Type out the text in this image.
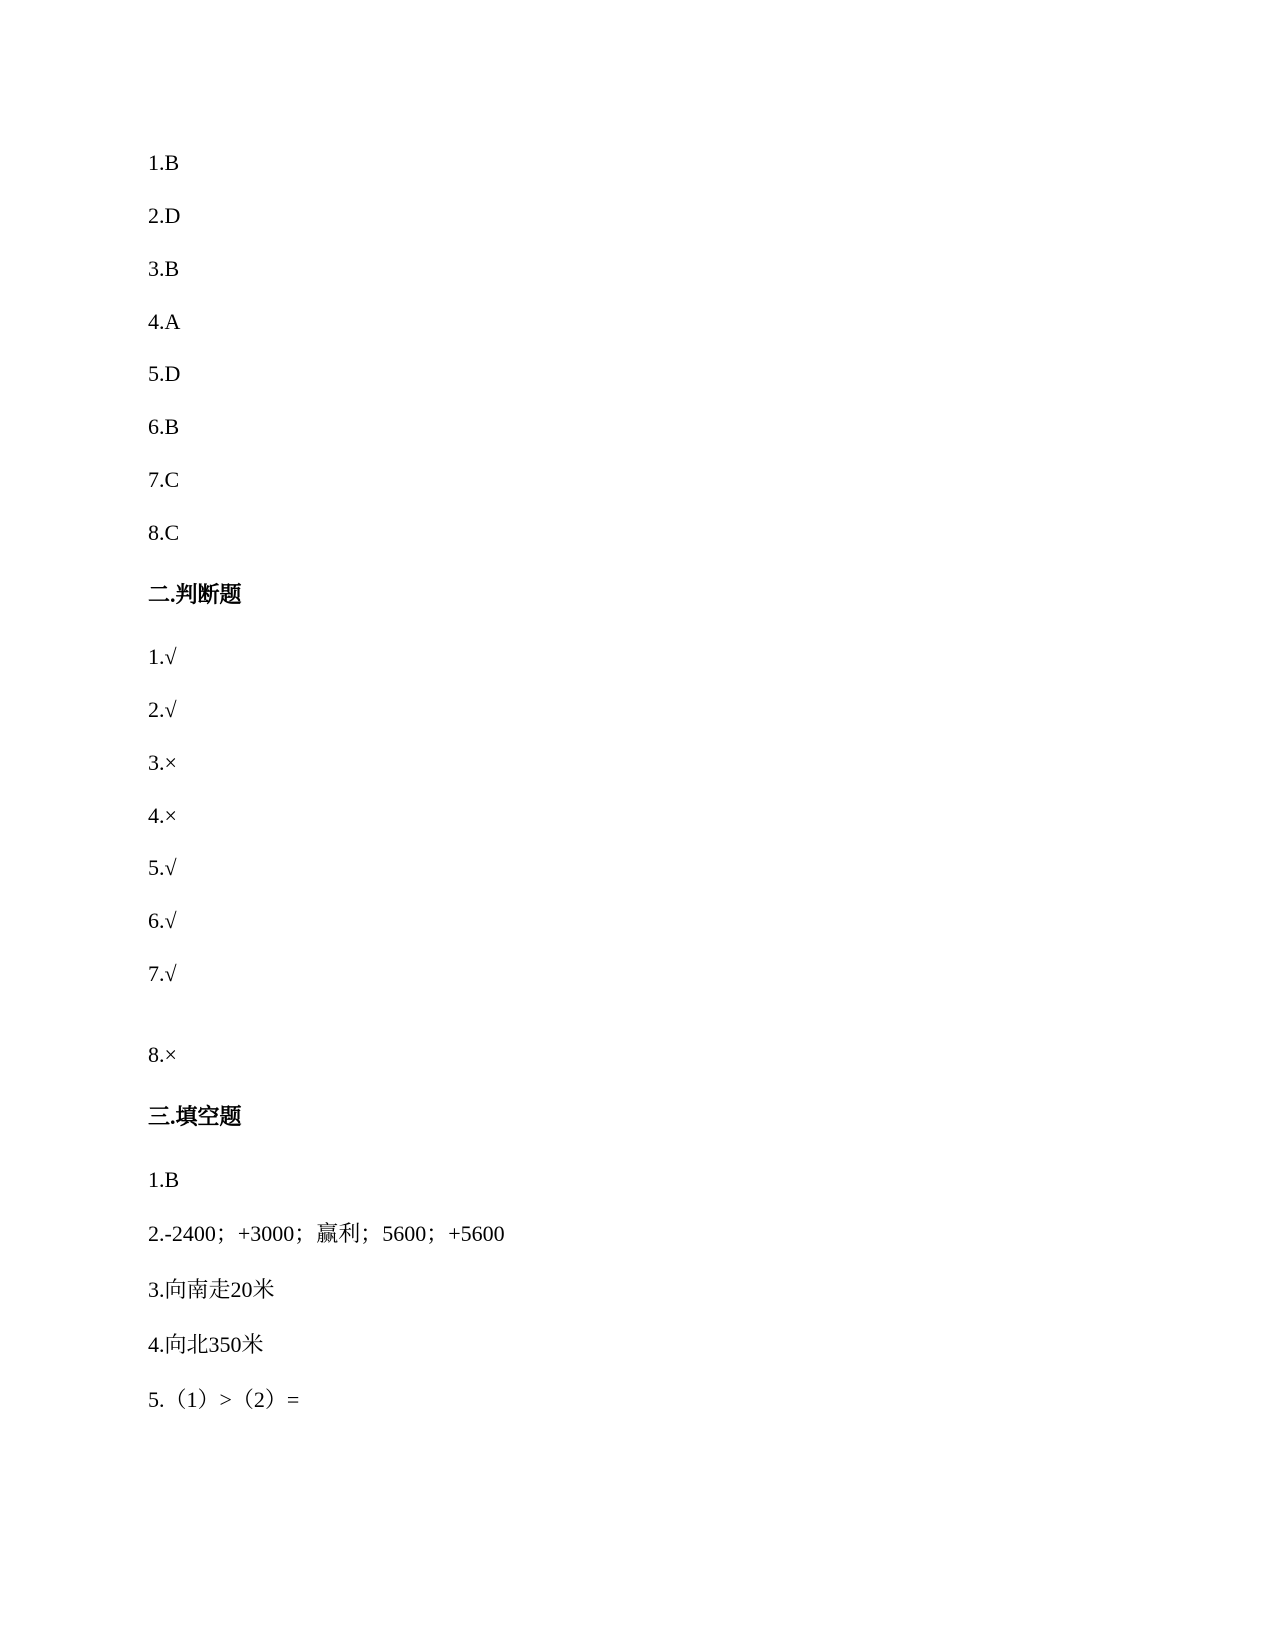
1.B
2.D
3.B
4.A
5.D
6.B
7.C
8.C
二.判断题
1.√
2.√
3.×
4.×
5.√
6.√
7.√
8.×
三.填空题
1.B
2.-2400；+3000；赢利；5600；+5600
3.向南走20米
4.向北350米
5.（1）>（2）=
